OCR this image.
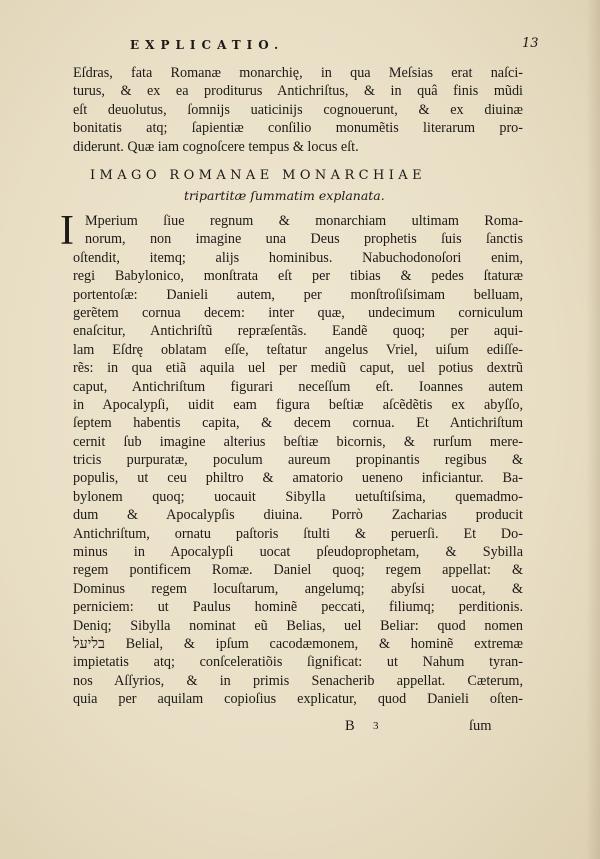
EXPLICATIO.	13
Eſdras, fata Romanæ monarchię, in qua Meſsias erat naſci-
turus, & ex ea proditurus Antichriſtus, & in quâ finis mũdi
eſt deuolutus, ſomnijs uaticinijs cognouerunt, & ex diuinæ
bonitatis atq; ſapientiæ conſilio monumẽtis literarum pro-
diderunt. Quæ iam cognoſcere tempus & locus eſt.
IMAGO ROMANAE MONARCHIAE
tripartitæ ſummatim explanata.
I Mperium ſiue regnum & monarchiam ultimam Roma-
norum, non imagine una Deus prophetis ſuis ſanctis
oſtendit, itemq; alijs hominibus. Nabuchodonoſori enim,
regi Babylonico, monſtrata eſt per tibias & pedes ſtaturæ
portentoſæ: Danieli autem, per monſtroſiſsimam belluam,
gerẽtem cornua decem: inter quæ, undecimum corniculum
enaſcitur, Antichriſtũ repræſentãs. Eandẽ quoq; per aqui-
lam Eſdrę oblatam eſſe, teſtatur angelus Vriel, uiſum ediſſe-
rẽs: in qua etiã aquila uel per mediũ caput, uel potius dextrũ
caput, Antichriſtum figurari neceſſum eſt. Ioannes autem
in Apocalypſi, uidit eam figura beſtiæ aſcẽdẽtis ex abyſſo,
ſeptem habentis capita, & decem cornua. Et Antichriſtum
cernit ſub imagine alterius beſtiæ bicornis, & rurſum mere-
tricis purpuratæ, poculum aureum propinantis regibus &
populis, ut ceu philtro & amatorio ueneno inficiantur. Ba-
bylonem quoq; uocauit Sibylla uetuſtiſsima, quemadmo-
dum & Apocalypſis diuina. Porrò Zacharias producit
Antichriſtum, ornatu paſtoris ſtulti & peruerſi. Et Do-
minus in Apocalypſi uocat pſeudoprophetam, & Sybilla
regem pontificem Romæ. Daniel quoq; regem appellat: &
Dominus regem locuſtarum, angelumq; abyſsi uocat, &
perniciem: ut Paulus hominẽ peccati, filiumq; perditionis.
Deniq; Sibylla nominat eũ Belias, uel Beliar: quod nomen
בליעל Belial, & ipſum cacodæmonem, & hominẽ extremæ
impietatis atq; conſceleratiõis ſignificat: ut Nahum tyran-
nos Aſſyrios, & in primis Senacherib appellat. Cæterum,
quia per aquilam copioſius explicatur, quod Danieli oſten-
B 3	ſum
